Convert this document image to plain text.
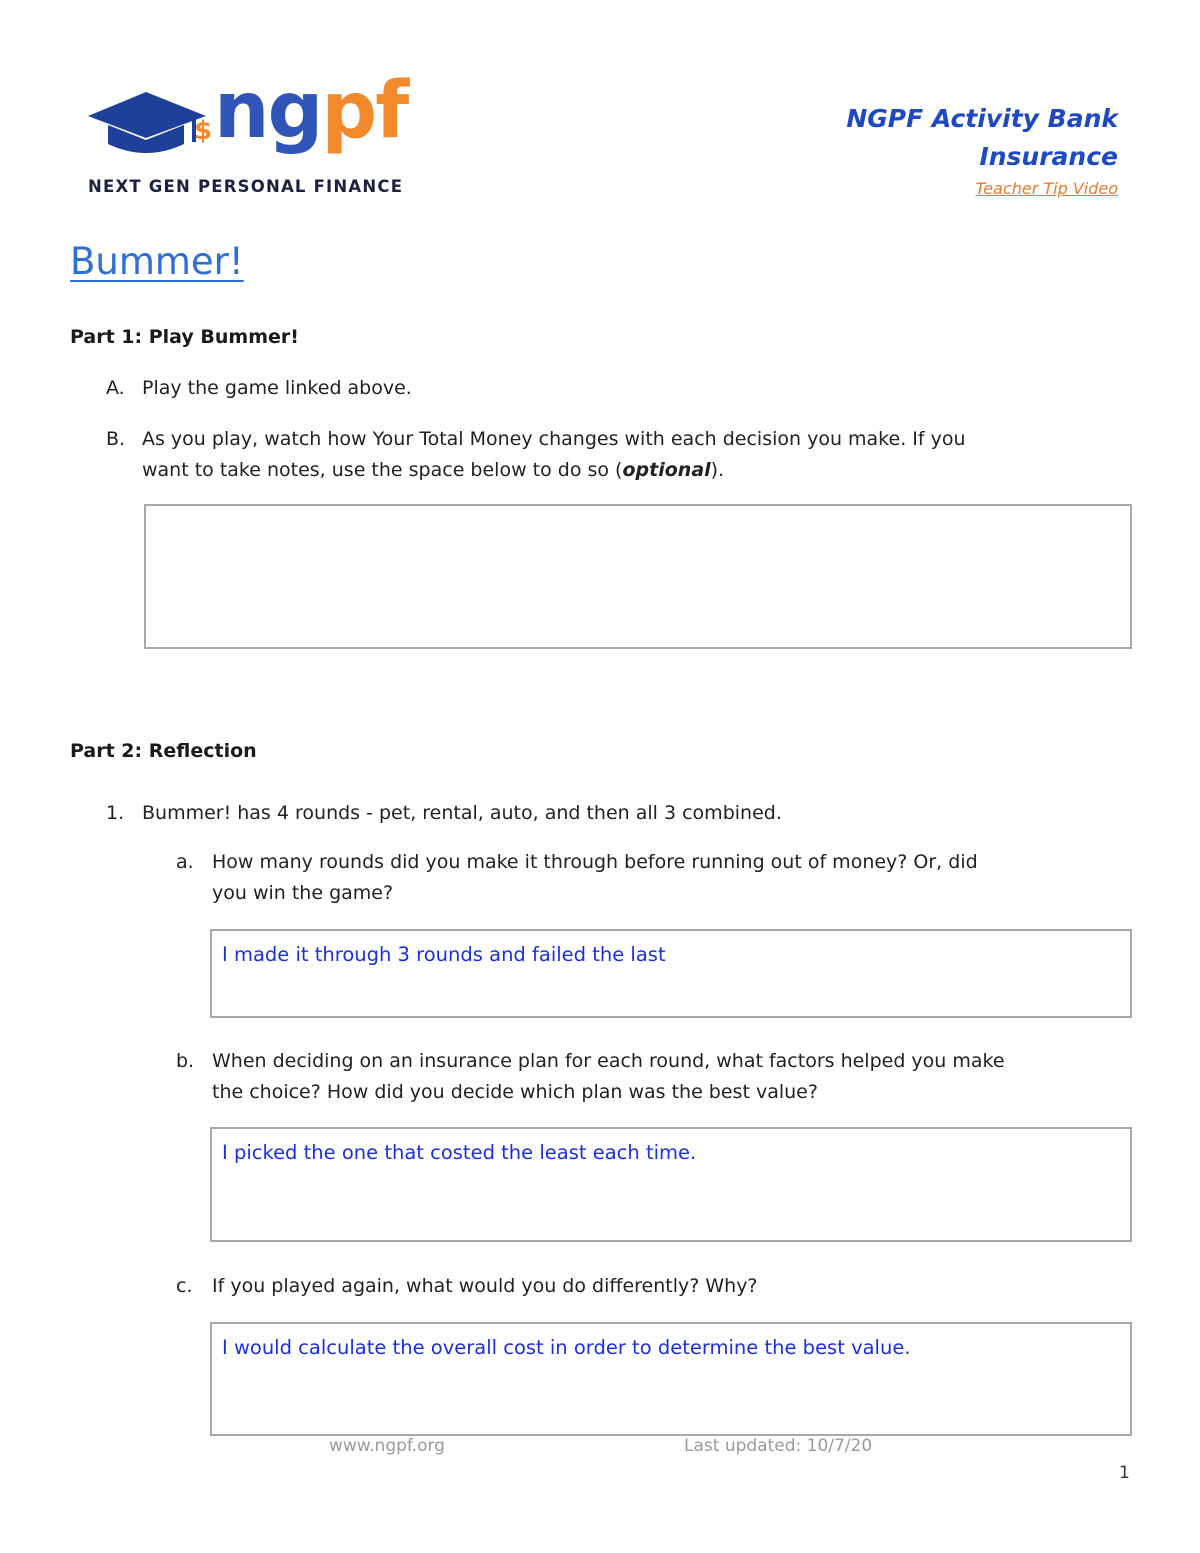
$ ngpf
NEXT GEN PERSONAL FINANCE
NGPF Activity Bank
Insurance
Teacher Tip Video
Bummer!
Part 1: Play Bummer!
A. Play the game linked above.
B. As you play, watch how Your Total Money changes with each decision you make. If you
want to take notes, use the space below to do so (optional).
Part 2: Reflection
1. Bummer! has 4 rounds - pet, rental, auto, and then all 3 combined.
a. How many rounds did you make it through before running out of money? Or, did
you win the game?
I made it through 3 rounds and failed the last
b. When deciding on an insurance plan for each round, what factors helped you make
the choice? How did you decide which plan was the best value?
I picked the one that costed the least each time.
c. If you played again, what would you do differently? Why?
I would calculate the overall cost in order to determine the best value.
www.ngpf.org	Last updated: 10/7/20
1
